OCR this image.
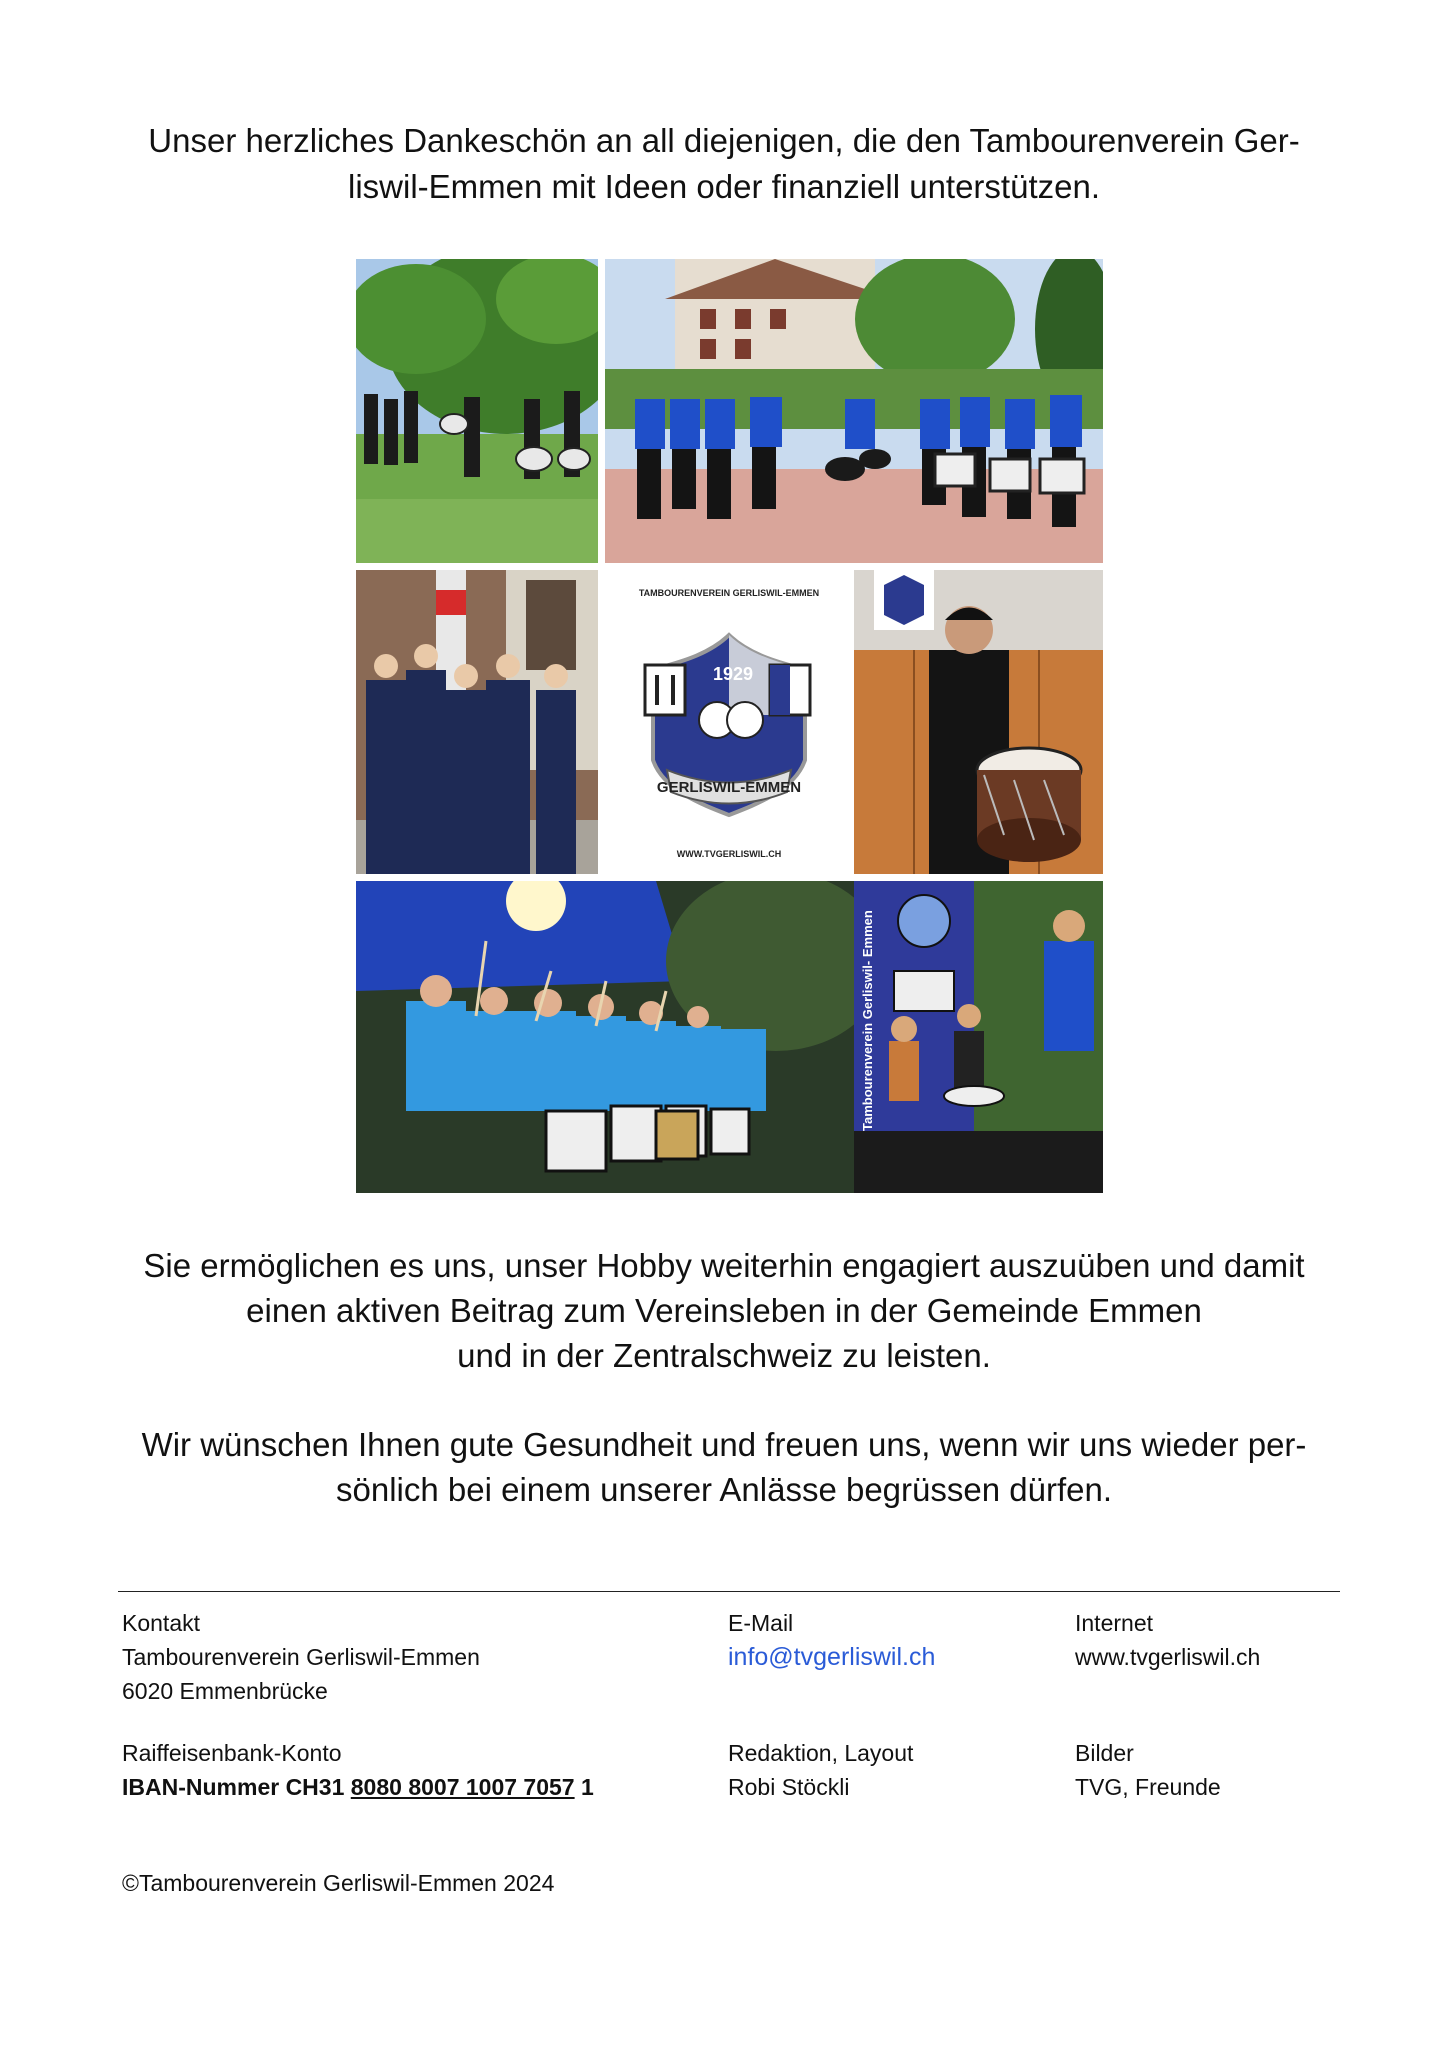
Unser herzliches Dankeschön an all diejenigen, die den Tambourenverein Ger-
liswil-Emmen mit Ideen oder finanziell unterstützen.
TAMBOURENVEREIN GERLISWIL-EMMEN
1929
GERLISWIL-EMMEN
WWW.TVGERLISWIL.CH
Tambourenverein Gerliswil- Emmen
Sie ermöglichen es uns, unser Hobby weiterhin engagiert auszuüben und damit
einen aktiven Beitrag zum Vereinsleben in der Gemeinde Emmen
und in der Zentralschweiz zu leisten.
Wir wünschen Ihnen gute Gesundheit und freuen uns, wenn wir uns wieder per-
sönlich bei einem unserer Anlässe begrüssen dürfen.
Kontakt
Tambourenverein Gerliswil-Emmen
6020 Emmenbrücke
E-Mail
info@tvgerliswil.ch
Internet
www.tvgerliswil.ch
Raiffeisenbank-Konto
IBAN-Nummer CH31 8080 8007 1007 7057 1
Redaktion, Layout
Robi Stöckli
Bilder
TVG, Freunde
©Tambourenverein Gerliswil-Emmen 2024
